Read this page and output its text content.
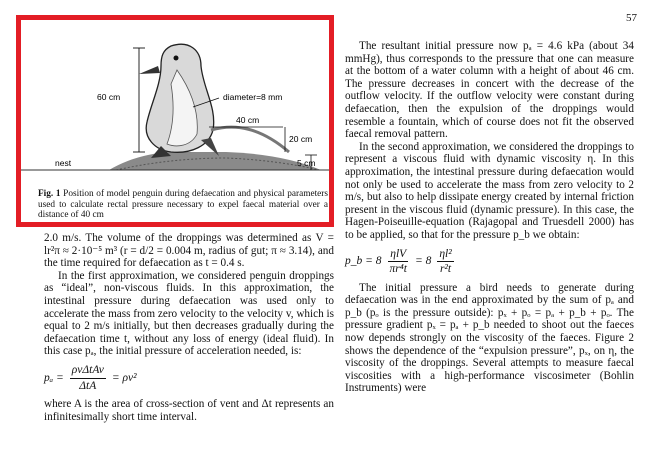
57
60 cm	diameter=8 mm
40 cm
20 cm
5 cm
nest
Fig. 1 Position of model penguin during defaecation and physical parameters used to calculate rectal pressure necessary to expel faecal material over a distance of 40 cm

2.0 m/s. The volume of the droppings was determined as V = lr²π ≈ 2·10⁻⁵ m³ (r = d/2 = 0.004 m, radius of gut; π ≈ 3.14), and the time required for defaecation as t = 0.4 s.

In the first approximation, we considered penguin droppings as “ideal”, non-viscous fluids. In this approximation, the intestinal pressure during defaecation was used only to accelerate the mass from zero velocity to the velocity v, which is equal to 2 m/s initially, but then decreases gradually during the defaecation time t, without any loss of energy (ideal fluid). In this case pₐ, the initial pressure of acceleration needed, is:

$p_a = \frac{\text{ρvΔtAv}}{\text{ΔtA}} = \rho v^2$

where A is the area of cross-section of vent and Δt represents an infinitesimally short time interval.

The resultant initial pressure now pₐ = 4.6 kPa (about 34 mmHg), thus corresponds to the pressure that one can measure at the bottom of a water column with a height of about 46 cm. The pressure decreases in concert with the decrease of the outflow velocity. If the outflow velocity were constant during defaecation, then the expulsion of the droppings would resemble a fountain, which of course does not fit the observed faecal removal pattern.

In the second approximation, we considered the droppings to represent a viscous fluid with dynamic viscosity η. In this approximation, the intestinal pressure during defaecation would not only be used to accelerate the mass from zero velocity to 2 m/s, but also to help dissipate energy created by internal friction present in the viscous fluid (dynamic pressure). In this case, the Hagen-Poiseuille-equation (Rajagopal and Truesdell 2000) has to be applied, so that for the pressure p_b we obtain:

p_b = $8 \frac{\text{ηlV}}{\text{πr⁴t}} = 8 \frac{\text{ηl²}}{\text{r²t}}$

The initial pressure a bird needs to generate during defaecation was in the end approximated by the sum of pₐ and p_b (pₒ is the pressure outside): pₓ + pₒ = pₐ + p_b + pₒ. The pressure gradient pₓ = pₐ + p_b needed to shoot out the faeces now depends strongly on the viscosity of the faeces. Figure 2 shows the dependence of the “expulsion pressure”, pₓ, on η, the viscosity of the droppings. Several attempts to measure faecal viscosities with a high-performance viscosimeter (Bohlin Instruments) were
